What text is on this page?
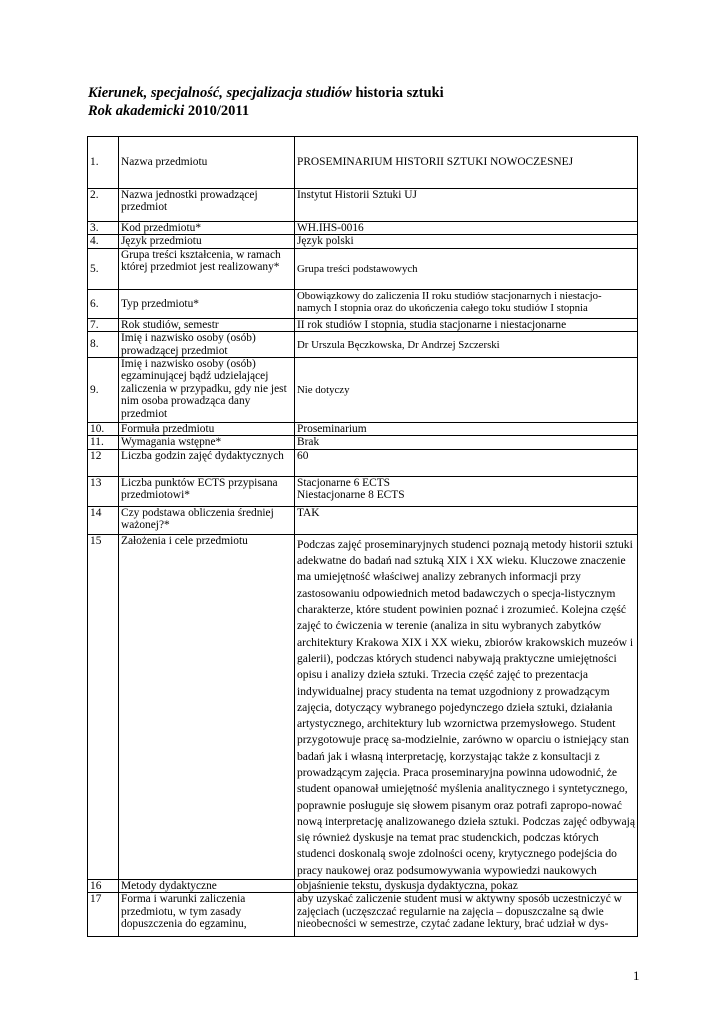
Kierunek, specjalność, specjalizacja studiów historia sztuki
Rok akademicki 2010/2011
1.	Nazwa przedmiotu	PROSEMINARIUM HISTORII SZTUKI NOWOCZESNEJ
2.	Nazwa jednostki prowadzącej przedmiot	Instytut Historii Sztuki UJ
3.	Kod przedmiotu*	WH.IHS-0016
4.	Język przedmiotu	Język polski
5.	Grupa treści kształcenia, w ramach której przedmiot jest realizowany*	Grupa treści podstawowych
6.	Typ przedmiotu*	Obowiązkowy do zaliczenia II roku studiów stacjonarnych i niestacjo-namych I stopnia oraz do ukończenia całego toku studiów I stopnia
7.	Rok studiów, semestr	II rok studiów I stopnia, studia stacjonarne i niestacjonarne
8.	Imię i nazwisko osoby (osób) prowadzącej przedmiot	Dr Urszula Bęczkowska, Dr Andrzej Szczerski
9.	Imię i nazwisko osoby (osób) egzaminującej bądź udzielającej zaliczenia w przypadku, gdy nie jest nim osoba prowadząca dany przedmiot	Nie dotyczy
10.	Formuła przedmiotu	Proseminarium
11.	Wymagania wstępne*	Brak
12	Liczba godzin zajęć dydaktycznych	60
13	Liczba punktów ECTS przypisana przedmiotowi*	Stacjonarne 6 ECTS
Niestacjonarne 8 ECTS

14	Czy podstawa obliczenia średniej ważonej?*	TAK
15	Założenia i cele przedmiotu	Podczas zajęć proseminaryjnych studenci poznają metody historii sztuki adekwatne do badań nad sztuką XIX i XX wieku. Kluczowe znaczenie ma umiejętność właściwej analizy zebranych informacji przy zastosowaniu odpowiednich metod badawczych o specja-listycznym charakterze, które student powinien poznać i zrozumieć. Kolejna część zajęć to ćwiczenia w terenie (analiza in situ wybranych zabytków architektury Krakowa XIX i XX wieku, zbiorów krakowskich muzeów i galerii), podczas których studenci nabywają praktyczne umiejętności opisu i analizy dzieła sztuki. Trzecia część zajęć to prezentacja indywidualnej pracy studenta na temat uzgodniony z prowadzącym zajęcia, dotyczący wybranego pojedynczego dzieła sztuki, działania artystycznego, architektury lub wzornictwa przemysłowego. Student przygotowuje pracę sa-modzielnie, zarówno w oparciu o istniejący stan badań jak i własną interpretację, korzystając także z konsultacji z prowadzącym zajęcia. Praca proseminaryjna powinna udowodnić, że student opanował umiejętność myślenia analitycznego i syntetycznego, poprawnie posługuje się słowem pisanym oraz potrafi zapropo-nować nową interpretację analizowanego dzieła sztuki. Podczas zajęć odbywają się również dyskusje na temat prac studenckich, podczas których studenci doskonalą swoje zdolności oceny, krytycznego podejścia do pracy naukowej oraz podsumowywania wypowiedzi naukowych
16	Metody dydaktyczne	objaśnienie tekstu, dyskusja dydaktyczna, pokaz
17	Forma i warunki zaliczenia przedmiotu, w tym zasady dopuszczenia do egzaminu,	aby uzyskać zaliczenie student musi w aktywny sposób uczestniczyć w zajęciach (uczęszczać regularnie na zajęcia – dopuszczalne są dwie nieobecności w semestrze, czytać zadane lektury, brać udział w dys-
1
